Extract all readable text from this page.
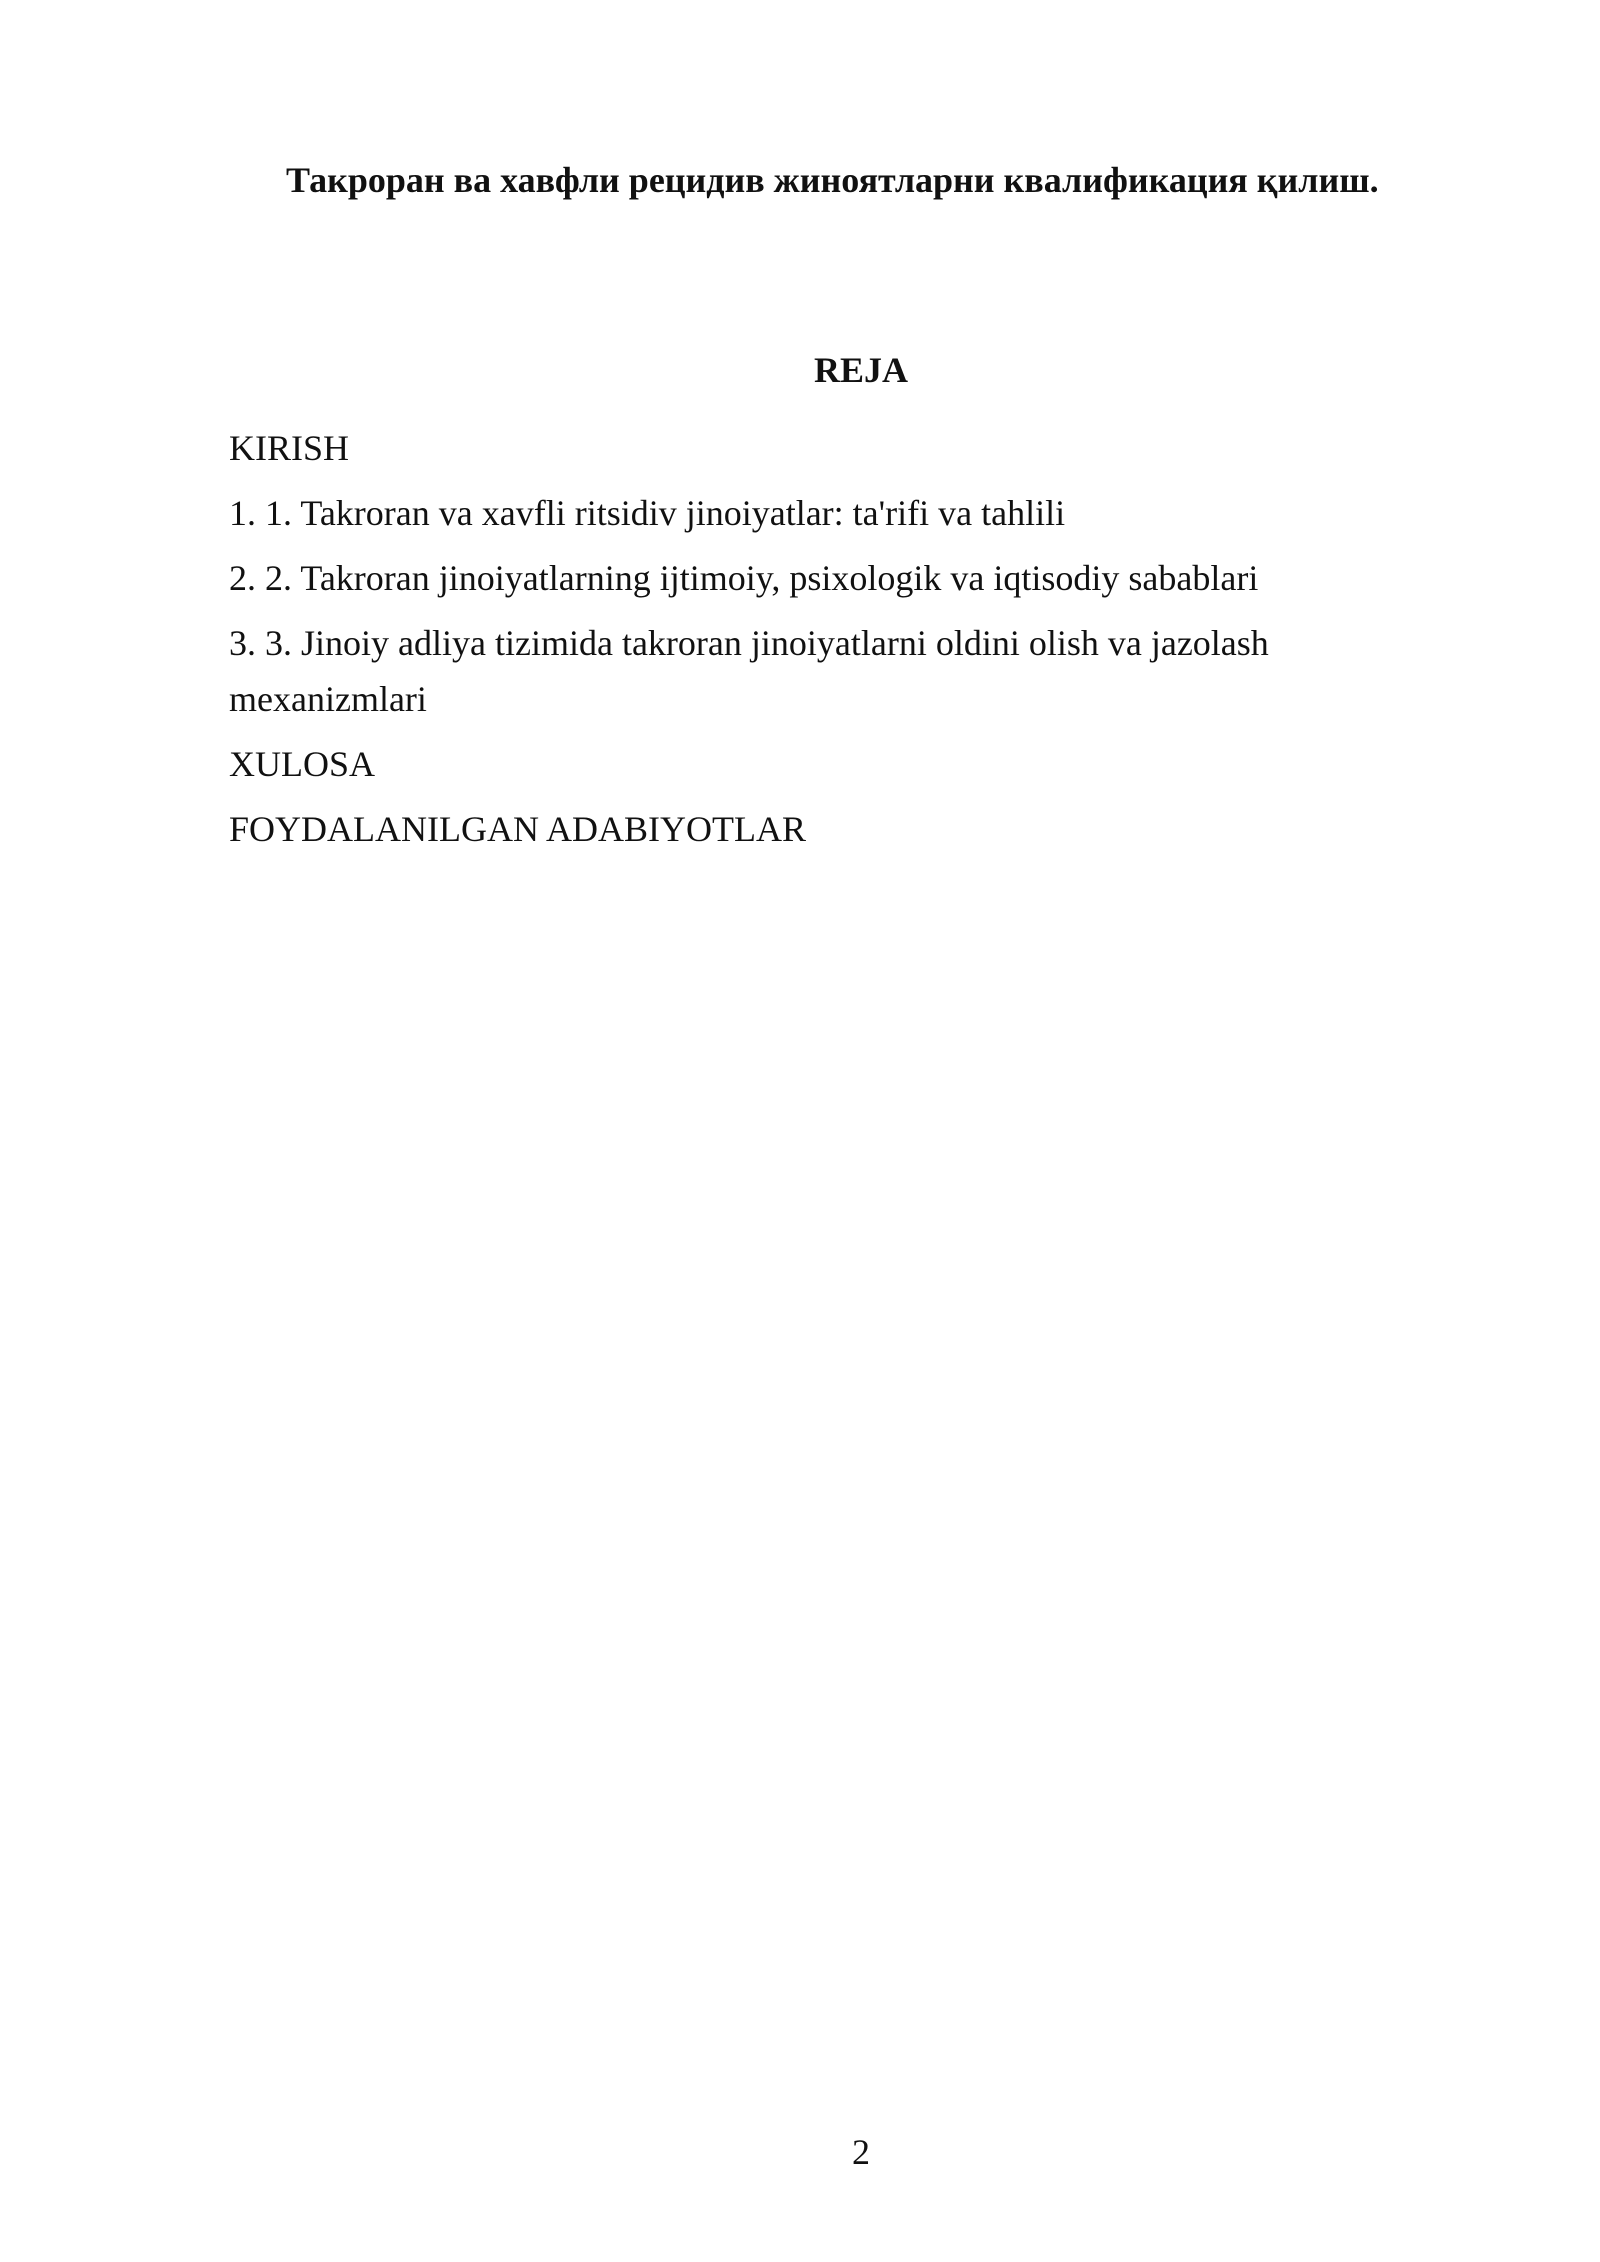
Такроран ва хавфли рецидив жиноятларни квалификация қилиш.
REJA
KIRISH
1. 1. Takroran va xavfli ritsidiv jinoiyatlar: ta'rifi va tahlili
2. 2. Takroran jinoiyatlarning ijtimoiy, psixologik va iqtisodiy sabablari
3. 3. Jinoiy adliya tizimida takroran jinoiyatlarni oldini olish va jazolash mexanizmlari
XULOSA
FOYDALANILGAN ADABIYOTLAR
2
